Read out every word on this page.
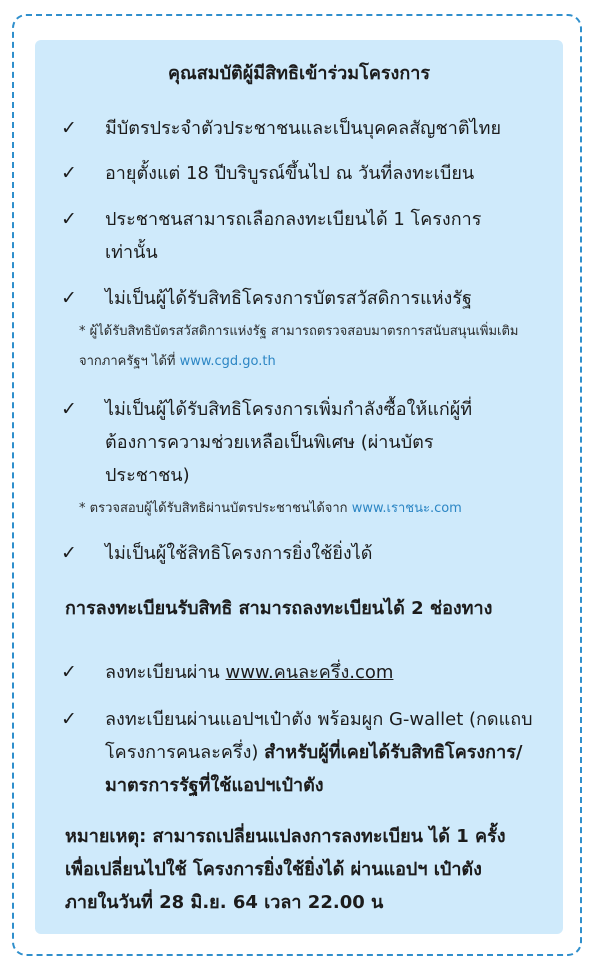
คุณสมบัติผู้มีสิทธิเข้าร่วมโครงการ
✓ มีบัตรประจำตัวประชาชนและเป็นบุคคลสัญชาติไทย
✓ อายุตั้งแต่ 18 ปีบริบูรณ์ขึ้นไป ณ วันที่ลงทะเบียน
✓ ประชาชนสามารถเลือกลงทะเบียนได้ 1 โครงการเท่านั้น
✓ ไม่เป็นผู้ได้รับสิทธิโครงการบัตรสวัสดิการแห่งรัฐ
* ผู้ได้รับสิทธิบัตรสวัสดิการแห่งรัฐ สามารถตรวจสอบมาตรการสนับสนุนเพิ่มเติมจากภาครัฐฯ ได้ที่ www.cgd.go.th
✓ ไม่เป็นผู้ได้รับสิทธิโครงการเพิ่มกำลังซื้อให้แก่ผู้ที่ต้องการความช่วยเหลือเป็นพิเศษ (ผ่านบัตรประชาชน)
* ตรวจสอบผู้ได้รับสิทธิผ่านบัตรประชาชนได้จาก www.เราชนะ.com
✓ ไม่เป็นผู้ใช้สิทธิโครงการยิ่งใช้ยิ่งได้
การลงทะเบียนรับสิทธิ สามารถลงทะเบียนได้ 2 ช่องทาง
✓ ลงทะเบียนผ่าน www.คนละครึ่ง.com
✓ ลงทะเบียนผ่านแอปฯเป๋าตัง พร้อมผูก G-wallet (กดแถบโครงการคนละครึ่ง) สำหรับผู้ที่เคยได้รับสิทธิโครงการ/มาตรการรัฐที่ใช้แอปฯเป๋าตัง
หมายเหตุ: สามารถเปลี่ยนแปลงการลงทะเบียน ได้ 1 ครั้ง เพื่อเปลี่ยนไปใช้ โครงการยิ่งใช้ยิ่งได้ ผ่านแอปฯ เป๋าตัง ภายในวันที่ 28 มิ.ย. 64 เวลา 22.00 น
